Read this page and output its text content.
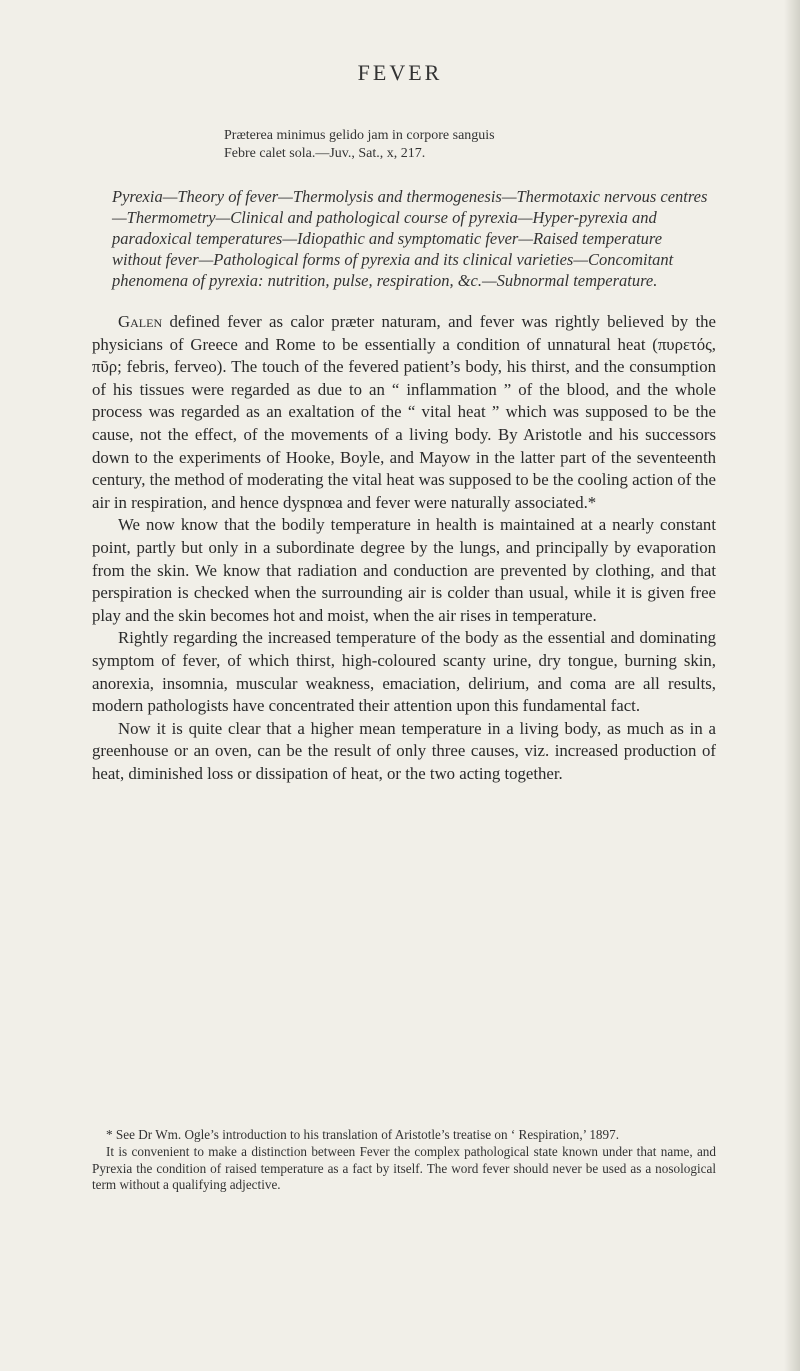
FEVER
Prætereа minimus gelido jam in corpore sanguis
Febre calet sola.—Juv., Sat., x, 217.
Pyrexia—Theory of fever—Thermolysis and thermogenesis—Thermotaxic nervous centres—Thermometry—Clinical and pathological course of pyrexia—Hyper-pyrexia and paradoxical temperatures—Idiopathic and symptomatic fever—Raised temperature without fever—Pathological forms of pyrexia and its clinical varieties—Concomitant phenomena of pyrexia: nutrition, pulse, respiration, &c.—Subnormal temperature.

Galen defined fever as calor præter naturam, and fever was rightly believed by the physicians of Greece and Rome to be essentially a condition of unnatural heat (πυρετός, πῦρ; febris, ferveo). The touch of the fevered patient’s body, his thirst, and the consumption of his tissues were regarded as due to an “ inflammation ” of the blood, and the whole process was regarded as an exaltation of the “ vital heat ” which was supposed to be the cause, not the effect, of the movements of a living body. By Aristotle and his successors down to the experiments of Hooke, Boyle, and Mayow in the latter part of the seventeenth century, the method of moderating the vital heat was supposed to be the cooling action of the air in respiration, and hence dyspnœa and fever were naturally associated.*

We now know that the bodily temperature in health is maintained at a nearly constant point, partly but only in a subordinate degree by the lungs, and principally by evaporation from the skin. We know that radiation and conduction are prevented by clothing, and that perspiration is checked when the surrounding air is colder than usual, while it is given free play and the skin becomes hot and moist, when the air rises in temperature.

Rightly regarding the increased temperature of the body as the essential and dominating symptom of fever, of which thirst, high-coloured scanty urine, dry tongue, burning skin, anorexia, insomnia, muscular weakness, emaciation, delirium, and coma are all results, modern pathologists have concentrated their attention upon this fundamental fact.

Now it is quite clear that a higher mean temperature in a living body, as much as in a greenhouse or an oven, can be the result of only three causes, viz. increased production of heat, diminished loss or dissipation of heat, or the two acting together.

* See Dr Wm. Ogle’s introduction to his translation of Aristotle’s treatise on ‘ Respiration,’ 1897.

It is convenient to make a distinction between Fever the complex pathological state known under that name, and Pyrexia the condition of raised temperature as a fact by itself. The word fever should never be used as a nosological term without a qualifying adjective.
